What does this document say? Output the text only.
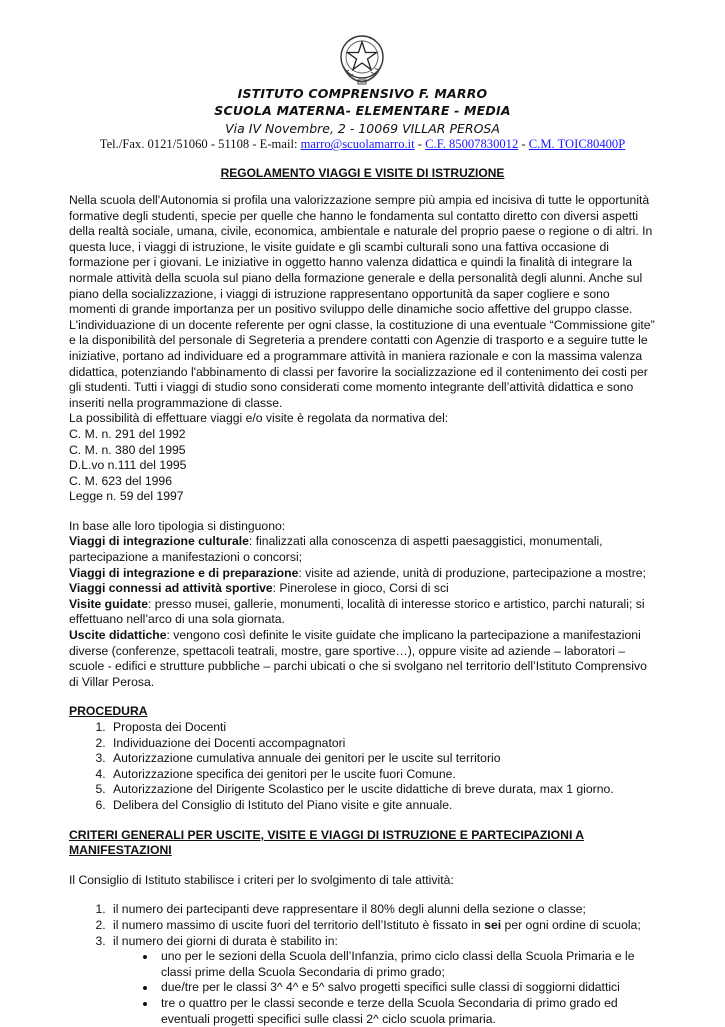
ISTITUTO COMPRENSIVO F. MARRO
SCUOLA MATERNA- ELEMENTARE - MEDIA
Via IV Novembre, 2 - 10069 VILLAR PEROSA
Tel./Fax. 0121/51060 - 51108 - E-mail: marro@scuolamarro.it - C.F. 85007830012 - C.M. TOIC80400P
REGOLAMENTO VIAGGI E VISITE DI ISTRUZIONE

Nella scuola dell'Autonomia si profila una valorizzazione sempre più ampia ed incisiva di tutte le opportunità formative degli studenti, specie per quelle che hanno le fondamenta sul contatto diretto con diversi aspetti della realtà sociale, umana, civile, economica, ambientale e naturale del proprio paese o regione o di altri. In questa luce, i viaggi di istruzione, le visite guidate e gli scambi culturali sono una fattiva occasione di formazione per i giovani. Le iniziative in oggetto hanno valenza didattica e quindi la finalità di integrare la normale attività della scuola sul piano della formazione generale e della personalità degli alunni. Anche sul piano della socializzazione, i viaggi di istruzione rappresentano opportunità da saper cogliere e sono momenti di grande importanza per un positivo sviluppo delle dinamiche socio affettive del gruppo classe. L'individuazione di un docente referente per ogni classe, la costituzione di una eventuale “Commissione gite” e la disponibilità del personale di Segreteria a prendere contatti con Agenzie di trasporto e a seguire tutte le iniziative, portano ad individuare ed a programmare attività in maniera razionale e con la massima valenza didattica, potenziando l'abbinamento di classi per favorire la socializzazione ed il contenimento dei costi per gli studenti. Tutti i viaggi di studio sono considerati come momento integrante dell’attività didattica e sono inseriti nella programmazione di classe.

La possibilità di effettuare viaggi e/o visite è regolata da normativa del:

C. M. n. 291 del 1992
C. M. n. 380 del 1995
D.L.vo n.111 del 1995
C. M. 623 del 1996
Legge n. 59 del 1997

In base alle loro tipologia si distinguono:

Viaggi di integrazione culturale: finalizzati alla conoscenza di aspetti paesaggistici, monumentali, partecipazione a manifestazioni o concorsi;

Viaggi di integrazione e di preparazione: visite ad aziende, unità di produzione, partecipazione a mostre;

Viaggi connessi ad attività sportive: Pinerolese in gioco, Corsi di sci

Visite guidate: presso musei, gallerie, monumenti, località di interesse storico e artistico, parchi naturali; si effettuano nell’arco di una sola giornata.

Uscite didattiche: vengono così definite le visite guidate che implicano la partecipazione a manifestazioni diverse (conferenze, spettacoli teatrali, mostre, gare sportive…), oppure visite ad aziende – laboratori – scuole - edifici e strutture pubbliche – parchi ubicati o che si svolgano nel territorio dell’Istituto Comprensivo di Villar Perosa.

PROCEDURA
1. Proposta dei Docenti
2. Individuazione dei Docenti accompagnatori
3. Autorizzazione cumulativa annuale dei genitori per le uscite sul territorio
4. Autorizzazione specifica dei genitori per le uscite fuori Comune.
5. Autorizzazione del Dirigente Scolastico per le uscite didattiche di breve durata, max 1 giorno.
6. Delibera del Consiglio di Istituto del Piano visite e gite annuale.
CRITERI GENERALI PER USCITE, VISITE E VIAGGI DI ISTRUZIONE E PARTECIPAZIONI A MANIFESTAZIONI

Il Consiglio di Istituto stabilisce i criteri per lo svolgimento di tale attività:

1. il numero dei partecipanti deve rappresentare il 80% degli alunni della sezione o classe;
2. il numero massimo di uscite fuori del territorio dell’Istituto è fissato in sei per ogni ordine di scuola;
3. il numero dei giorni di durata è stabilito in:
• uno per le sezioni della Scuola dell’Infanzia, primo ciclo classi della Scuola Primaria e le classi prime della Scuola Secondaria di primo grado;
• due/tre per le classi 3^ 4^ e 5^ salvo progetti specifici sulle classi di soggiorni didattici
• tre o quattro per le classi seconde e terze della Scuola Secondaria di primo grado ed eventuali progetti specifici sulle classi 2^ ciclo scuola primaria.
